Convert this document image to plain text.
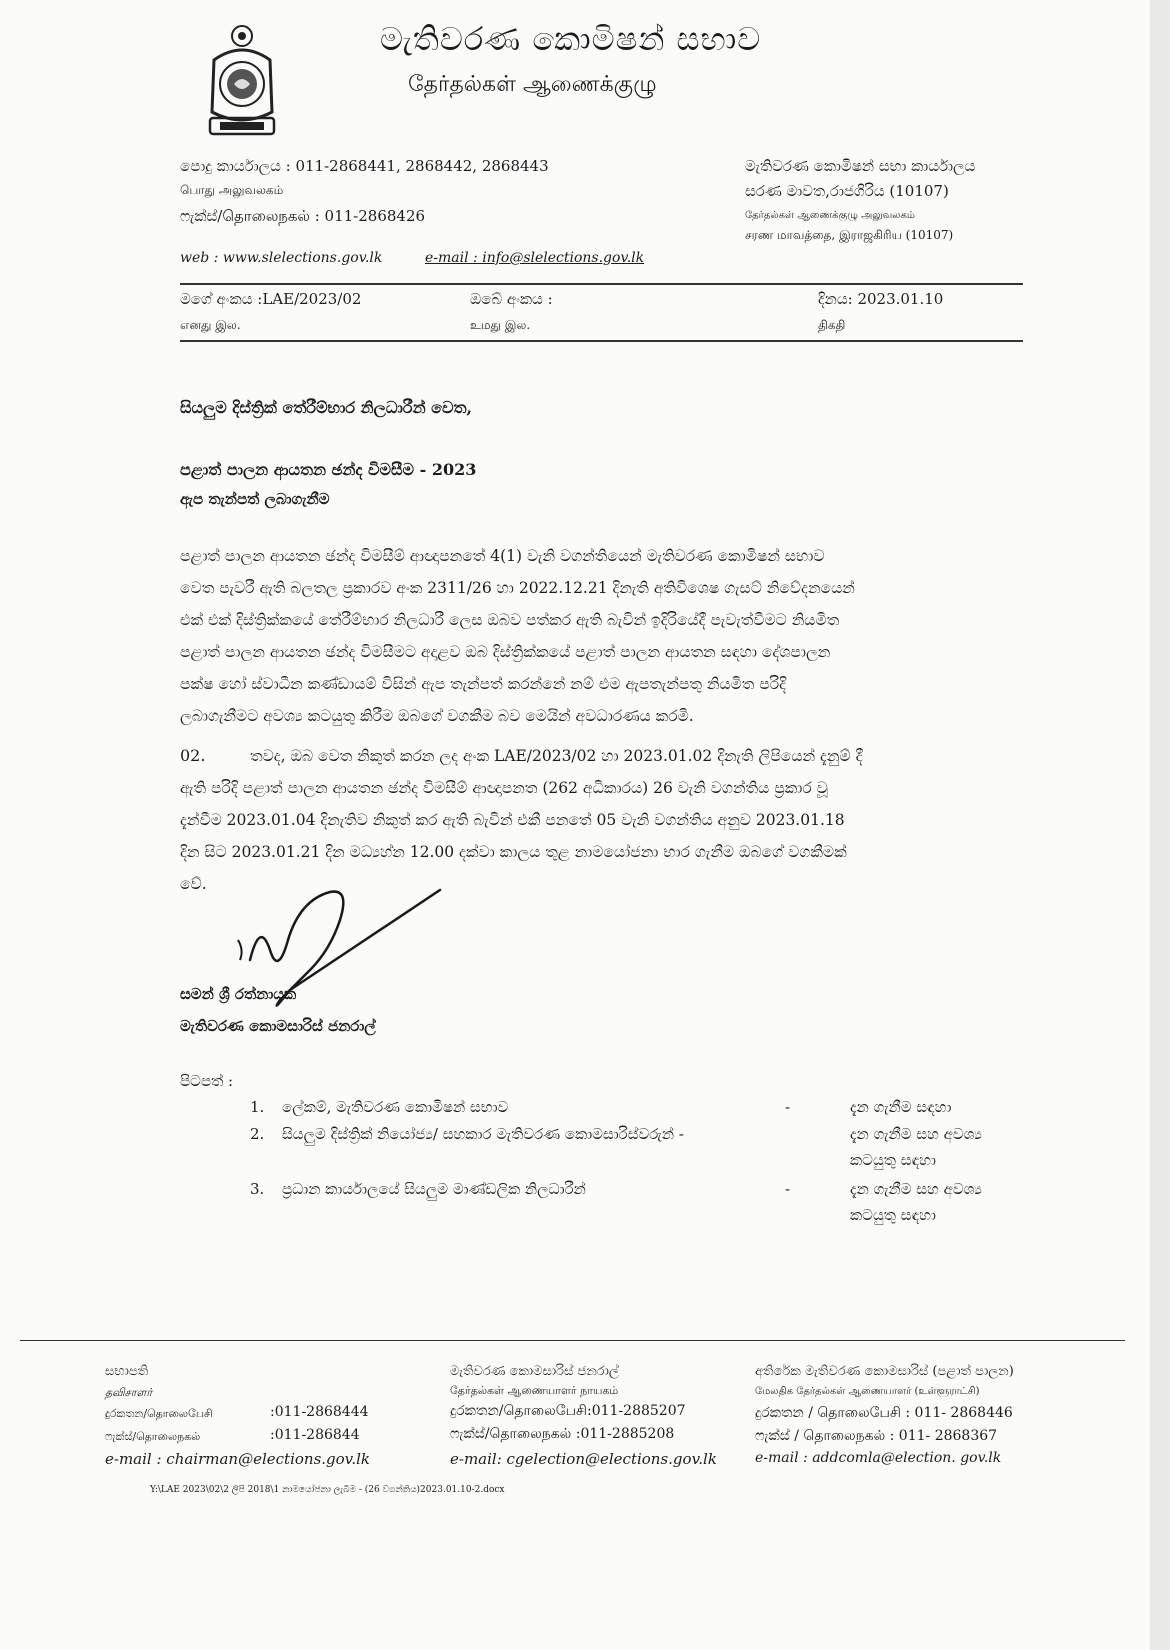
මැතිවරණ කොමිෂන් සභාව
தேர்தல்கள் ஆணைக்குழு
පොදු කාර්යාලය : 011-2868441, 2868442, 2868443
பொது அலுவலகம்
ෆැක්ස්/தொலைநகல் : 011-2868426
මැතිවරණ කොමිෂන් සභා කාර්යාලය
සරණ මාවත,රාජගිරිය (10107)
தேர்தல்கள் ஆணைக்குழு அலுவலகம்
சரண மாவத்தை, இராஜகிரிய (10107)
web : www.slelections.gov.lk	e-mail : info@slelections.gov.lk
මගේ අංකය :LAE/2023/02
எனது இல.
ඔබේ අංකය :
உமது இல.
දිනය: 2023.01.10
திகதி
සියලුම දිස්ත්‍රික් තේරීම්භාර නිලධාරීන් වෙත,
පළාත් පාලන ආයතන ඡන්ද විමසීම - 2023
ඇප තැන්පත් ලබාගැනීම
පළාත් පාලන ආයතන ඡන්ද විමසීම් ආඥාපනතේ 4(1) වැනි වගන්තියෙන් මැතිවරණ කොමිෂන් සභාව
වෙත පැවරී ඇති බලතල ප්‍රකාරව අංක 2311/26 හා 2022.12.21 දිනැති අතිවිශෙෂ ගැසට් නිවේදනයෙන්
එක් එක් දිස්ත්‍රික්කයේ තේරීම්භාර නිලධාරී ලෙස ඔබව පත්කර ඇති බැවින් ඉදිරියේදී පැවැත්වීමට නියමිත
පළාත් පාලන ආයතන ඡන්ද විමසීමට අදාළව ඔබ දිස්ත්‍රික්කයේ පළාත් පාලන ආයතන සඳහා දේශපාලන
පක්ෂ හෝ ස්වාධීන කණ්ඩායම් විසින් ඇප තැන්පත් කරන්නේ නම් එම ඇපතැන්පතු නියමිත පරිදි
ලබාගැනීමට අවශ්‍ය කටයුතු කිරීම ඔබගේ වගකීම බව මෙයින් අවධාරණය කරමි.
02.	තවද, ඔබ වෙත නිකුත් කරන ලද අංක LAE/2023/02 හා 2023.01.02 දිනැති ලිපියෙන් දැනුම් දී
ඇති පරිදි පළාත් පාලන ආයතන ඡන්ද විමසීම් ආඥාපනත (262 අධිකාරය) 26 වැනි වගන්තිය ප්‍රකාර වූ
දැන්වීම 2023.01.04 දිනැතිව නිකුත් කර ඇති බැවින් එකී පනතේ 05 වැනි වගන්තිය අනුව 2023.01.18
දින සිට 2023.01.21 දින මධ්‍යහ්න 12.00 දක්වා කාලය තුළ නාමයෝජනා භාර ගැනීම ඔබගේ වගකීමක්
වේ.
සමන් ශ්‍රී රත්නායක
මැතිවරණ කොමසාරිස් ජනරාල්
පිටපත් :
1. ලේකම්, මැතිවරණ කොමිෂන් සභාව	-	දැන ගැනීම සඳහා
2. සියලුම දිස්ත්‍රික් නියෝජ්‍ය/ සහකාර මැතිවරණ කොමසාරිස්වරුන් -	දැන ගැනීම සහ අවශ්‍ය
කටයුතු සඳහා
3. ප්‍රධාන කාර්යාලයේ සියලුම මාණ්ඩලික නිලධාරීන්	-	දැන ගැනීම සහ අවශ්‍ය
කටයුතු සඳහා
සභාපති
தவிசாளர்
දුරකතන/தொலைபேசி	:011-2868444
ෆැක්ස්/தொலைநகல்	:011-286844
e-mail : chairman@elections.gov.lk
මැතිවරණ කොමසාරිස් ජනරාල්
தேர்தல்கள் ஆணையாளர் நாயகம்
දුරකතන/தொலைபேசி:011-2885207
ෆැක්ස්/தொலைநகல் :011-2885208
e-mail: cgelection@elections.gov.lk
අතිරේක මැතිවරණ කොමසාරිස් (පළාත් පාලන)
மேலதிக தேர்தல்கள் ஆணையாளர் (உள்ளூராட்சி)
දුරකතන / தொலைபேசி : 011- 2868446
ෆැක්ස් / தொலைநகல் : 011- 2868367
e-mail : addcomla@election. gov.lk
Y:\LAE 2023\02\2 ලිපි 2018\1 නාමයෝජනා ලැබීම - (26 වගන්තිය)2023.01.10-2.docx
